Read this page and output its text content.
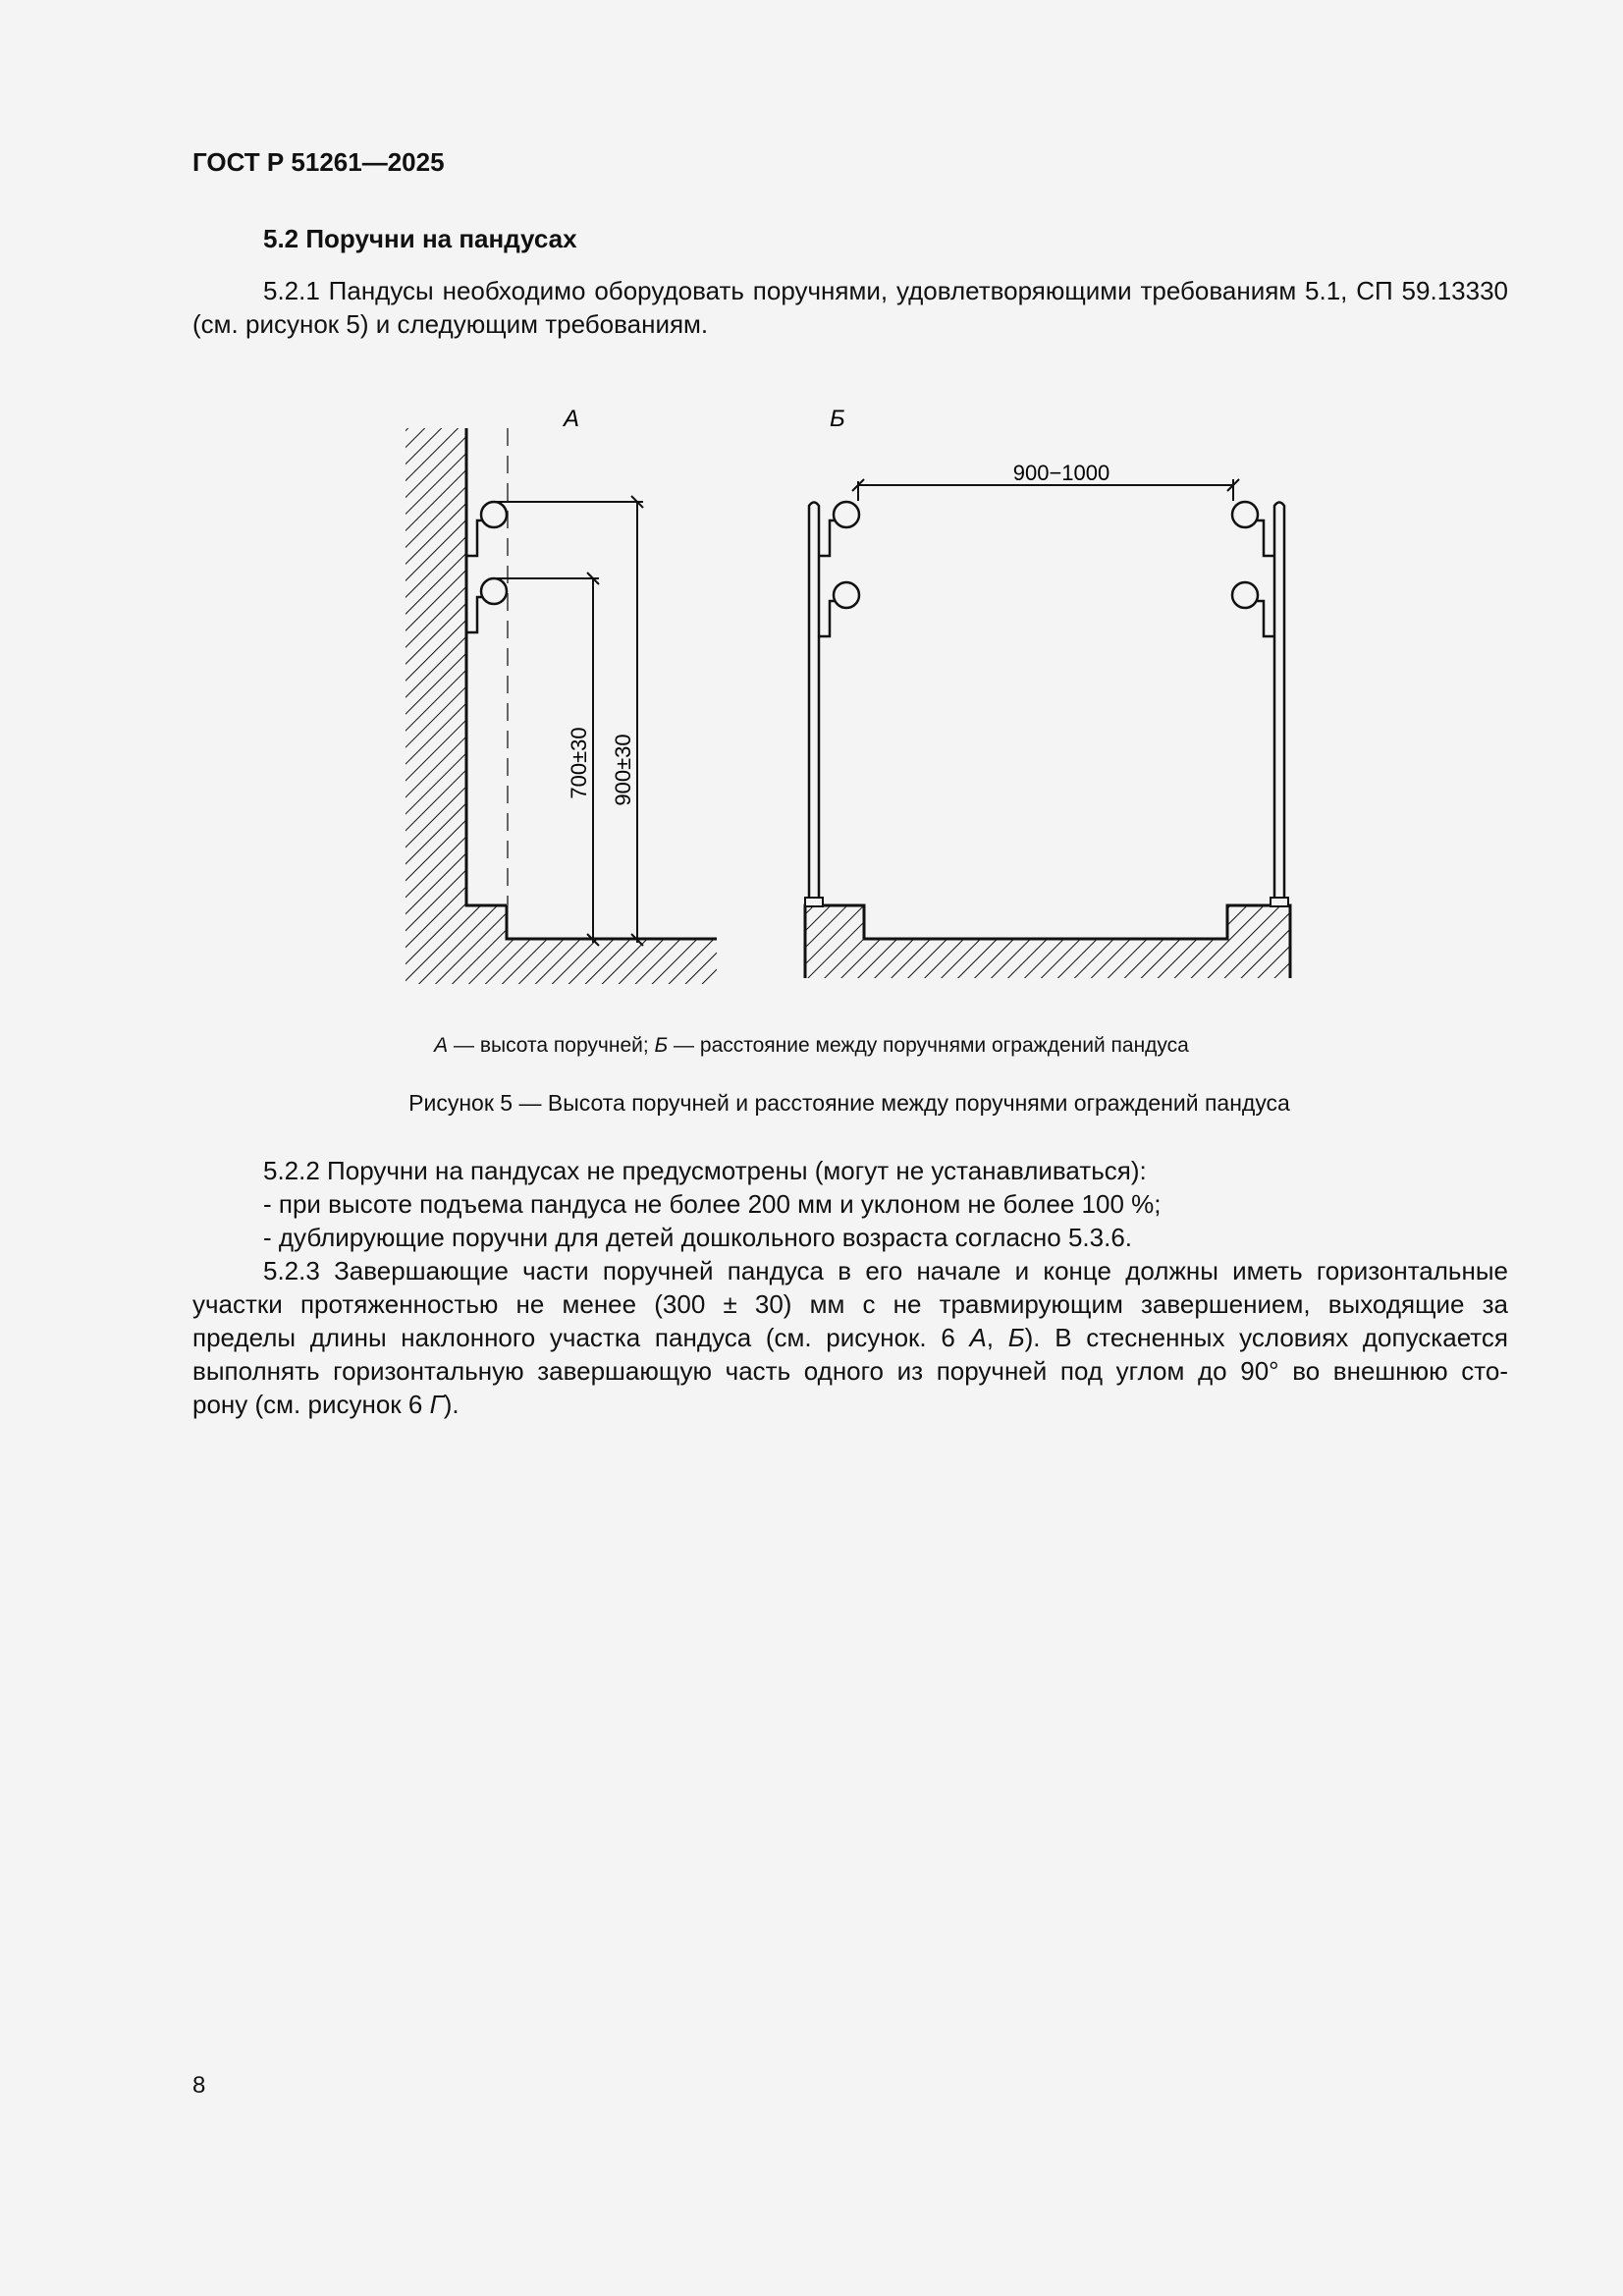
ГОСТ Р 51261—2025
5.2 Поручни на пандусах
5.2.1 Пандусы необходимо оборудовать поручнями, удовлетворяющими требованиям 5.1, СП 59.13330 (см. рисунок 5) и следующим требованиям.
А
900±30
700±30
Б
900−1000
А — высота поручней; Б — расстояние между поручнями ограждений пандуса
Рисунок 5 — Высота поручней и расстояние между поручнями ограждений пандуса
5.2.2 Поручни на пандусах не предусмотрены (могут не устанавливаться):
- при высоте подъема пандуса не более 200 мм и уклоном не более 100 %;
- дублирующие поручни для детей дошкольного возраста согласно 5.3.6.
5.2.3 Завершающие части поручней пандуса в его начале и конце должны иметь горизонтальные
участки протяженностью не менее (300 ± 30) мм с не травмирующим завершением, выходящие за
пределы длины наклонного участка пандуса (см. рисунок. 6 А, Б). В стесненных условиях допускается
выполнять горизонтальную завершающую часть одного из поручней под углом до 90° во внешнюю сто-
рону (см. рисунок 6 Г).
8
